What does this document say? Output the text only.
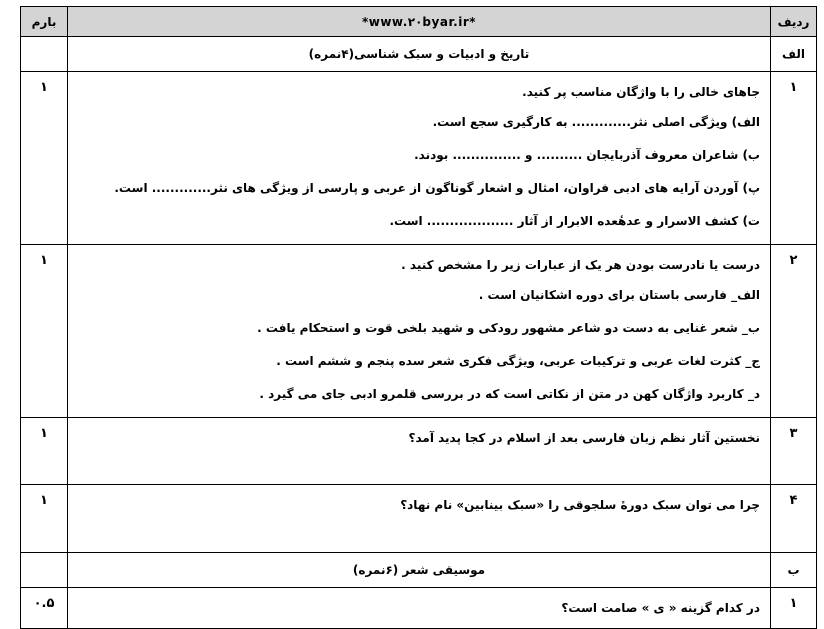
ردیف	*www.۲۰byar.ir*	بارم
الف	تاریخ و ادبیات و سبک شناسی(۴نمره)	
۱	جاهای خالی را با واژگان مناسب پر کنید.
الف) ویژگی اصلی نثر............. به کارگیری سجع است.
ب) شاعران معروف آذربایجان .......... و ............... بودند.
پ) آوردن آرایه های ادبی فراوان، امثال و اشعار گوناگون از عربی و پارسی از ویژگی های نثر............. است.
ت) کشف الاسرار و عدهٔعده الابرار از آثار ................... است.	۱
۲	درست یا نادرست بودن هر یک از عبارات زیر را مشخص کنید .
الف_ فارسی باستان برای دوره اشکانیان است .
ب_ شعر غنایی به دست دو شاعر مشهور رودکی و شهید بلخی قوت و استحکام یافت .
ج_ کثرت لغات عربی و ترکیبات عربی، ویژگی فکری شعر سده پنجم و ششم است .
د_ کاربرد واژگان کهن در متن از نکاتی است که در بررسی قلمرو ادبی جای می گیرد .	۱
۳	نخستین آثار نظم زبان فارسی بعد از اسلام در کجا پدید آمد؟	۱
۴	چرا می توان سبک دورهٔ سلجوقی را «سبک بینابین» نام نهاد؟	۱
ب	موسیقی شعر (۶نمره)	
۱	در کدام گزینه « ی » صامت است؟	۰.۵
